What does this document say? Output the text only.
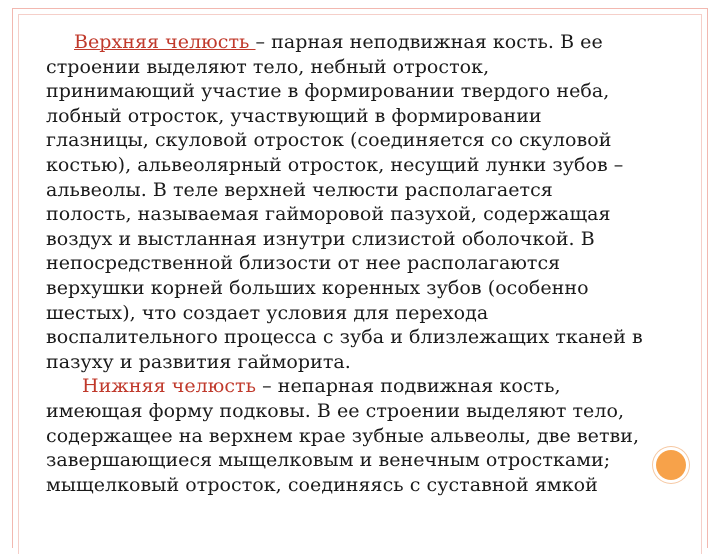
Верхняя челюсть – парная неподвижная кость. В ее
строении выделяют тело, небный отросток,
принимающий участие в формировании твердого неба,
лобный отросток, участвующий в формировании
глазницы, скуловой отросток (соединяется со скуловой
костью), альвеолярный отросток, несущий лунки зубов –
альвеолы. В теле верхней челюсти располагается
полость, называемая гайморовой пазухой, содержащая
воздух и выстланная изнутри слизистой оболочкой. В
непосредственной близости от нее располагаются
верхушки корней больших коренных зубов (особенно
шестых), что создает условия для перехода
воспалительного процесса с зуба и близлежащих тканей в
пазуху и развития гайморита.
Нижняя челюсть – непарная подвижная кость,
имеющая форму подковы. В ее строении выделяют тело,
содержащее на верхнем крае зубные альвеолы, две ветви,
завершающиеся мыщелковым и венечным отростками;
мыщелковый отросток, соединяясь с суставной ямкой
